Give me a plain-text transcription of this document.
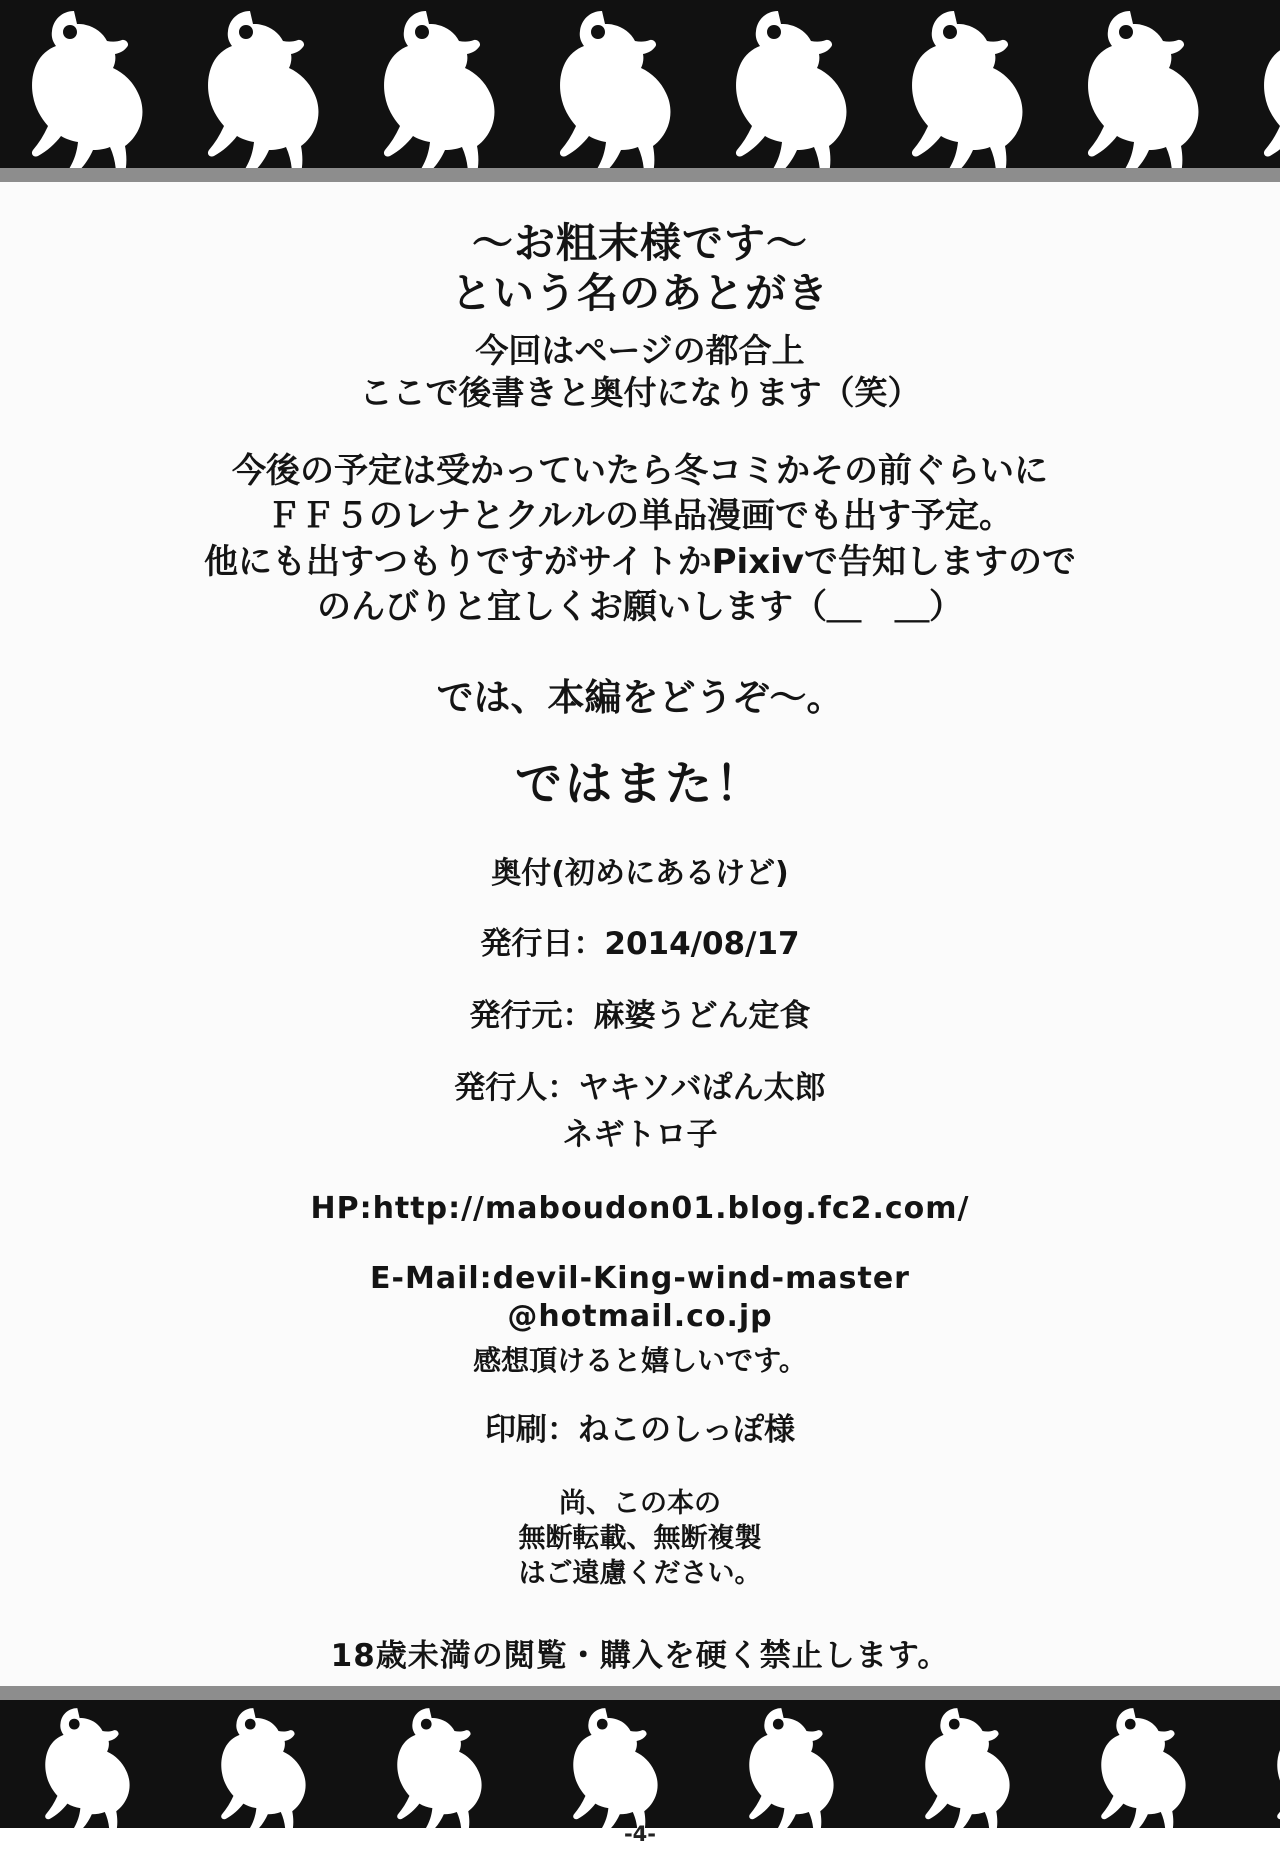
～お粗末様です～
という名のあとがき
今回はページの都合上
ここで後書きと奥付になります（笑）
今後の予定は受かっていたら冬コミかその前ぐらいに
ＦＦ５のレナとクルルの単品漫画でも出す予定。
他にも出すつもりですがサイトかPixivで告知しますので
のんびりと宜しくお願いします（＿　＿）
では、本編をどうぞ～。
ではまた！
奥付(初めにあるけど)
発行日：2014/08/17
発行元：麻婆うどん定食
発行人：ヤキソバぱん太郎
ネギトロ子
HP:http://maboudon01.blog.fc2.com/
E-Mail:devil-King-wind-master
@hotmail.co.jp
感想頂けると嬉しいです。
印刷：ねこのしっぽ様
尚、この本の
無断転載、無断複製
はご遠慮ください。
18歳未満の閲覧・購入を硬く禁止します。
-4-
